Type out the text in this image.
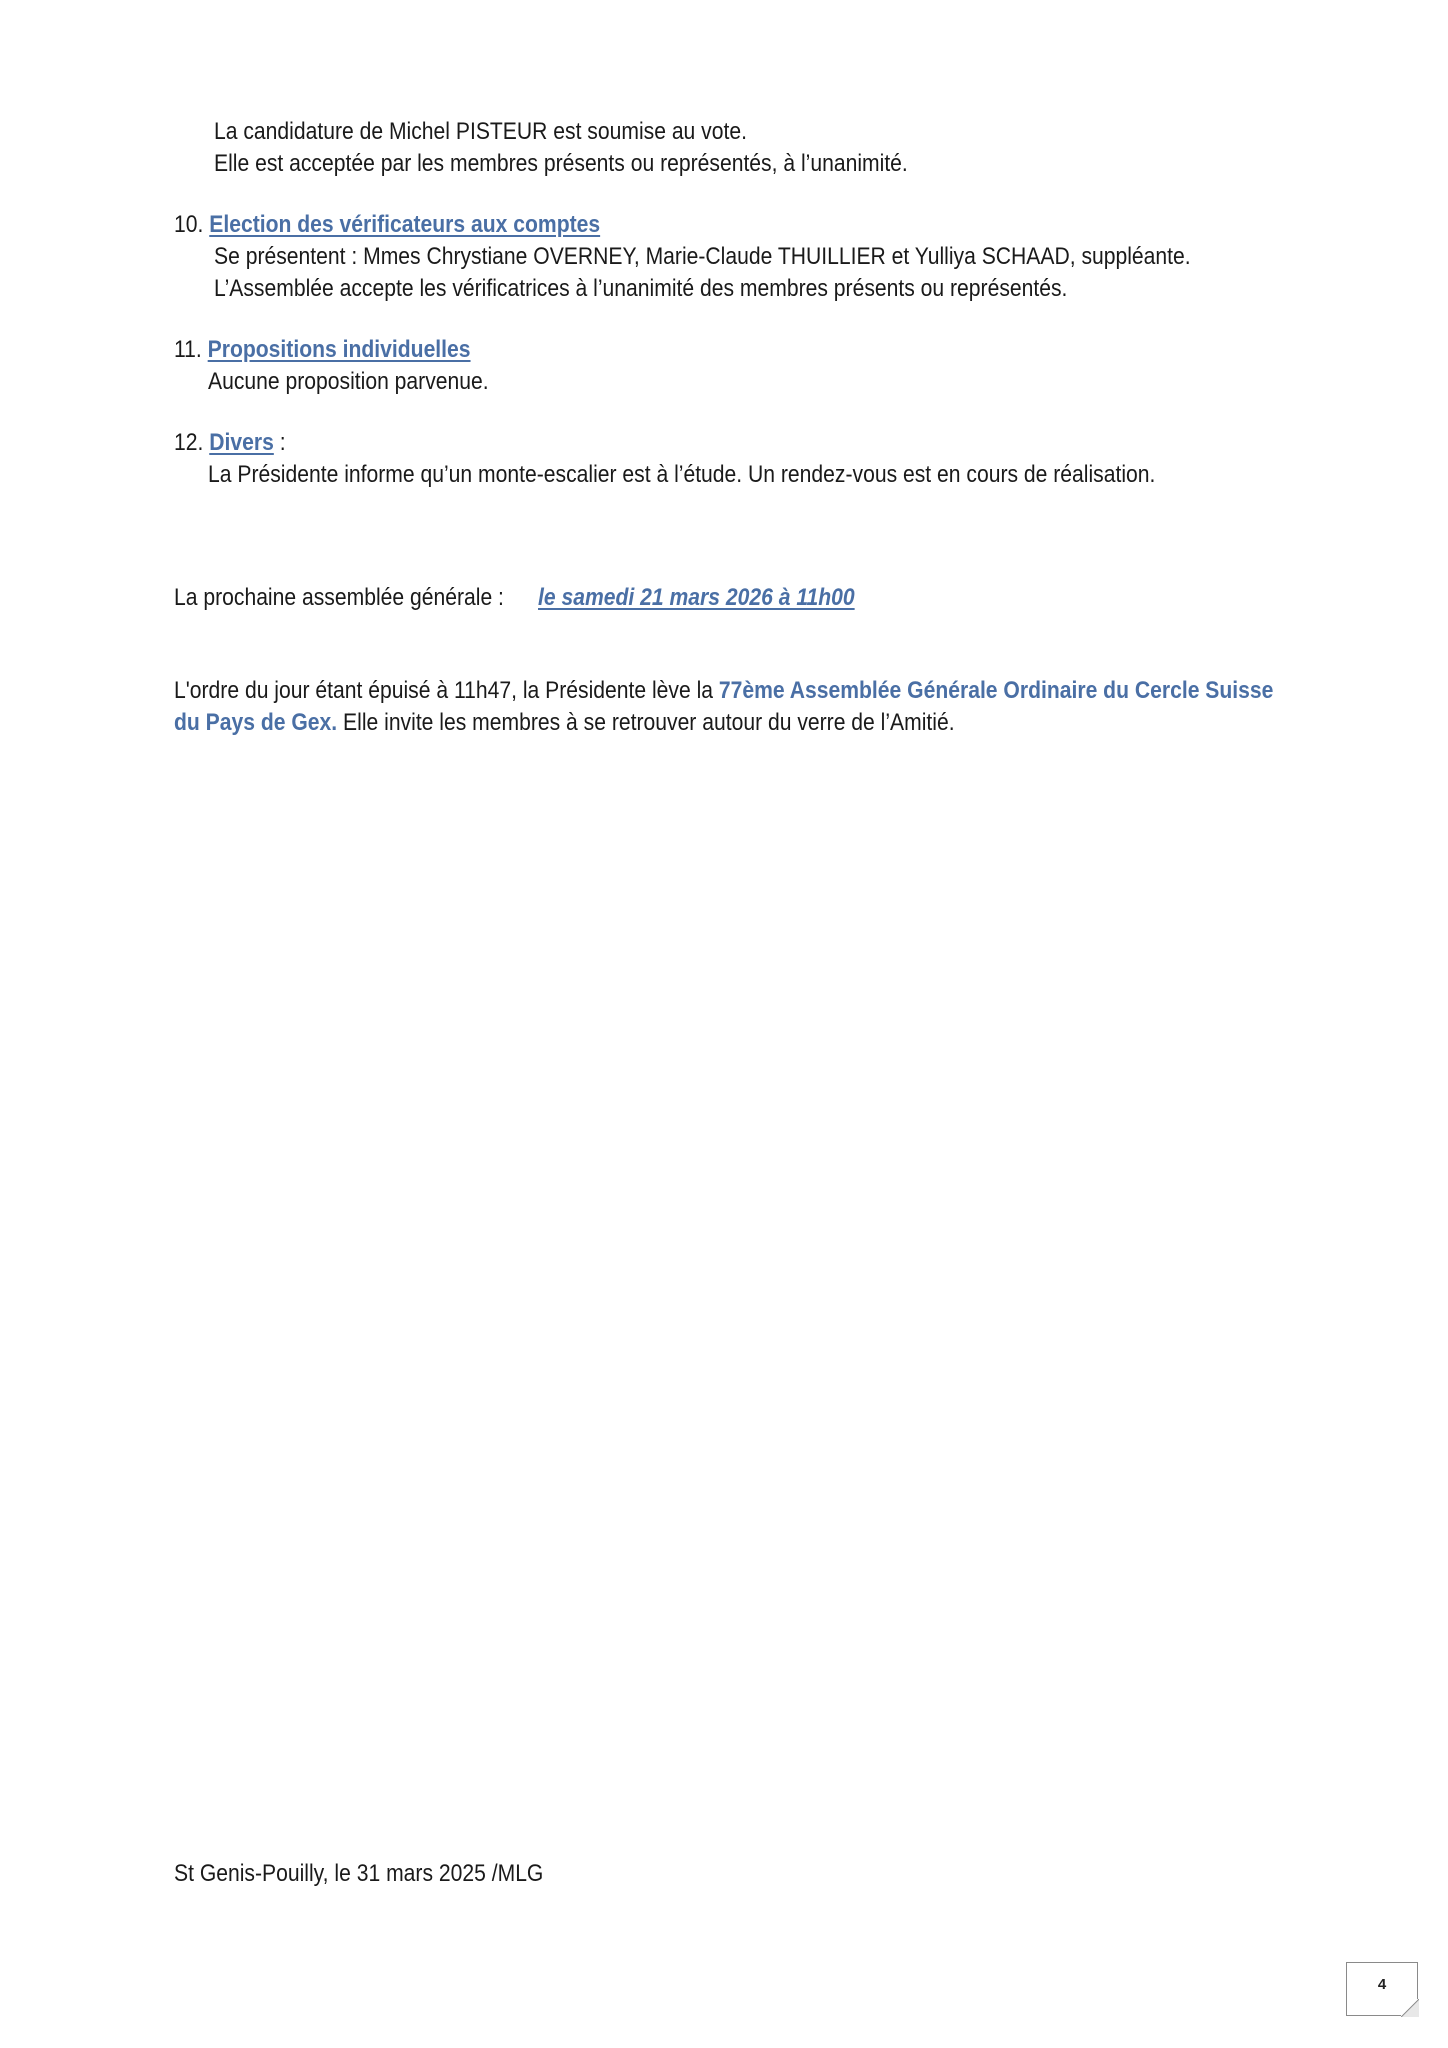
La candidature de Michel PISTEUR est soumise au vote.
Elle est acceptée par les membres présents ou représentés, à l’unanimité.
10. Election des vérificateurs aux comptes
Se présentent : Mmes Chrystiane OVERNEY, Marie-Claude THUILLIER et Yulliya SCHAAD, suppléante.
L’Assemblée accepte les vérificatrices à l’unanimité des membres présents ou représentés.
11. Propositions individuelles
Aucune proposition parvenue.
12. Divers :
La Présidente informe qu’un monte-escalier est à l’étude. Un rendez-vous est en cours de réalisation.
La prochaine assemblée générale : le samedi 21 mars 2026 à 11h00
L'ordre du jour étant épuisé à 11h47, la Présidente lève la 77ème Assemblée Générale Ordinaire du Cercle Suisse
du Pays de Gex. Elle invite les membres à se retrouver autour du verre de l’Amitié.
St Genis-Pouilly, le 31 mars 2025 /MLG
4
